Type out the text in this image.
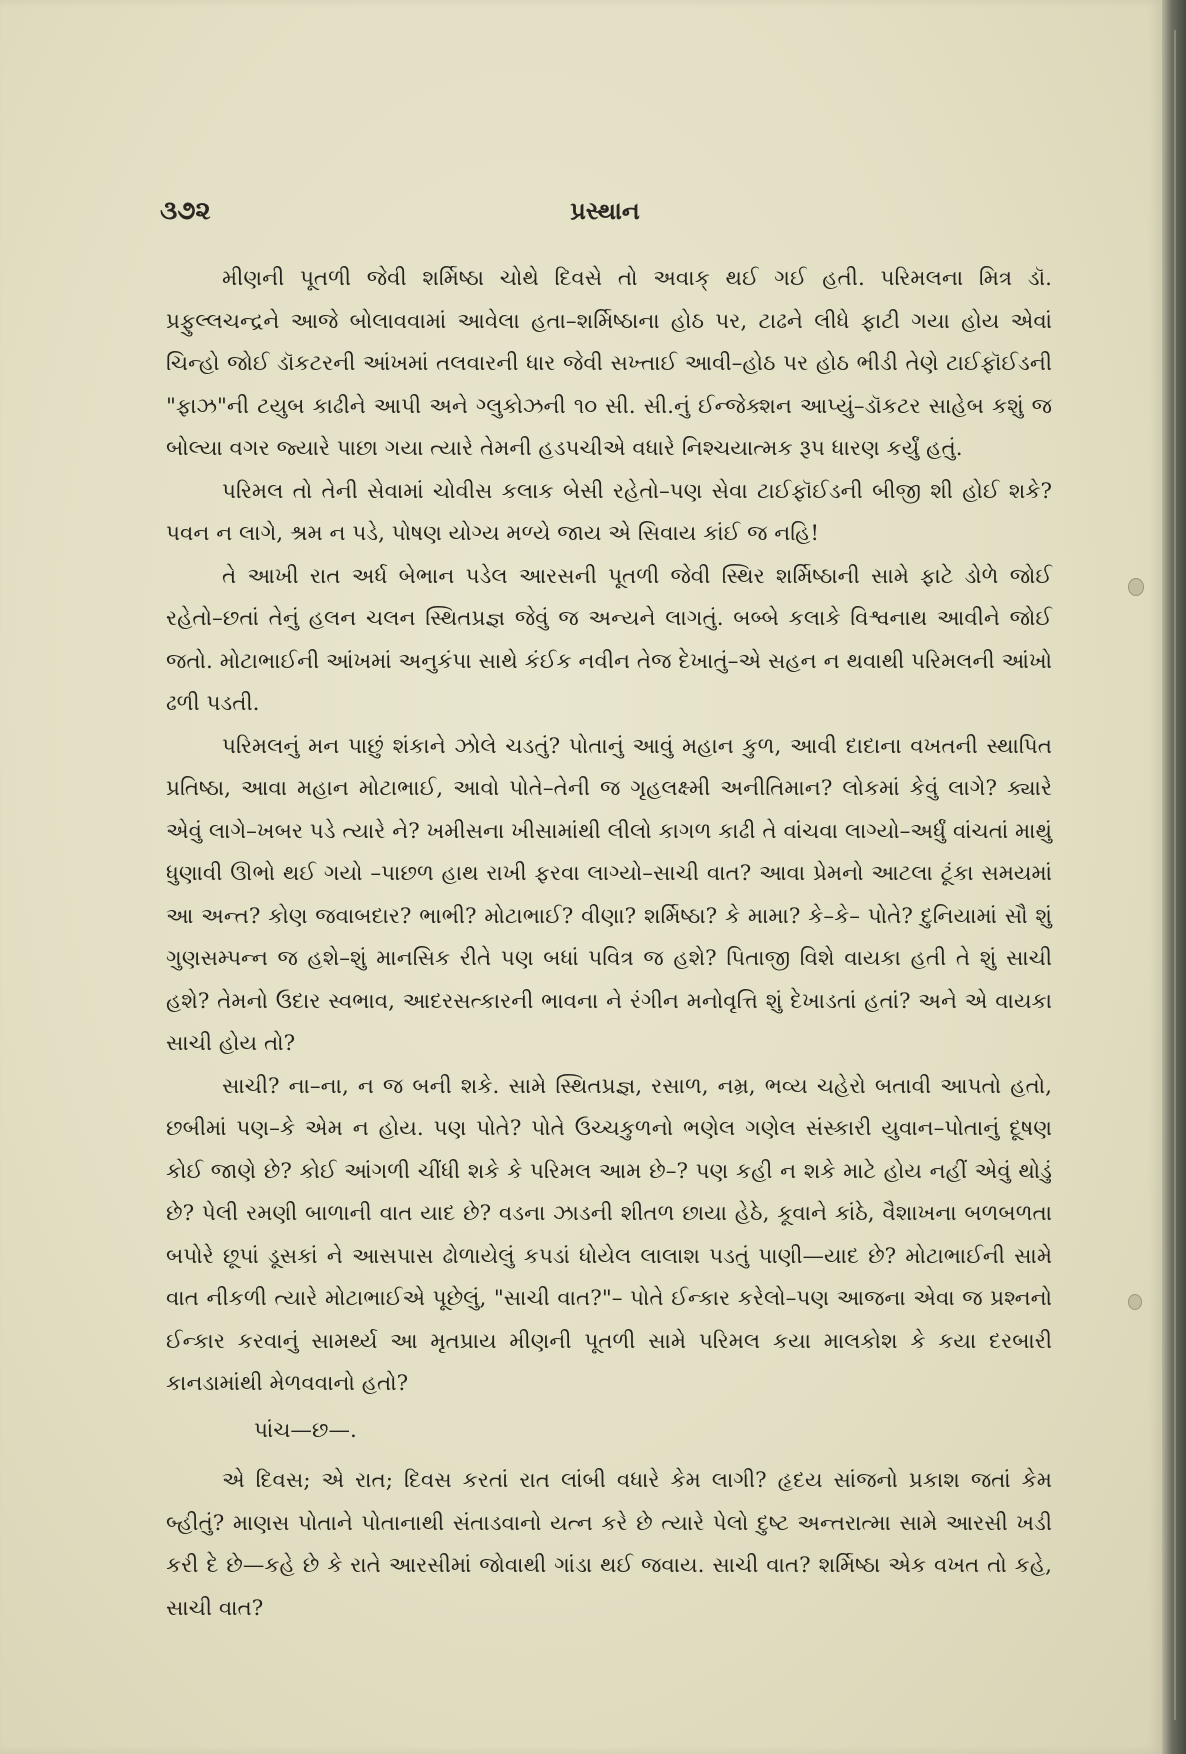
૩૭૨	પ્રસ્થાન

મીણની પૂતળી જેવી શર્મિષ્ઠા ચોથે દિવસે તો અવાક્ થઈ ગઈ હતી. પરિમલના મિત્ર ડૉ. પ્રફુલ્લચન્દ્રને આજે બોલાવવામાં આવેલા હતા–શર્મિષ્ઠાના હોઠ પર, ટાઢને લીધે ફાટી ગયા હોય એવાં ચિન્હો જોઈ ડૉકટરની આંખમાં તલવારની ધાર જેવી સખ્તાઈ આવી–હોઠ પર હોઠ ભીડી તેણે ટાઈફૉઈડની "ફાઝ"ની ટયુબ કાઢીને આપી અને ગ્લુકોઝની ૧૦ સી. સી.નું ઈન્જેક્શન આપ્યું–ડૉકટર સાહેબ કશું જ બોલ્યા વગર જ્યારે પાછા ગયા ત્યારે તેમની હડપચીએ વધારે નિશ્ચયાત્મક રૂપ ધારણ કર્યું હતું.

પરિમલ તો તેની સેવામાં ચોવીસ કલાક બેસી રહેતો–પણ સેવા ટાઈફૉઈડની બીજી શી હોઈ શકે? પવન ન લાગે, શ્રમ ન પડે, પોષણ યોગ્ય મળ્યે જાય એ સિવાય કાંઈ જ નહિ!

તે આખી રાત અર્ધ બેભાન પડેલ આરસની પૂતળી જેવી સ્થિર શર્મિષ્ઠાની સામે ફાટે ડોળે જોઈ રહેતો–છતાં તેનું હલન ચલન સ્થિતપ્રજ્ઞ જેવું જ અન્યને લાગતું. બબ્બે કલાકે વિશ્વનાથ આવીને જોઈ જતો. મોટાભાઈની આંખમાં અનુકંપા સાથે કંઈક નવીન તેજ દેખાતું–એ સહન ન થવાથી પરિમલની આંખો ઢળી પડતી.

પરિમલનું મન પાછું શંકાને ઝોલે ચડતું? પોતાનું આવું મહાન કુળ, આવી દાદાના વખતની સ્થાપિત પ્રતિષ્ઠા, આવા મહાન મોટાભાઈ, આવો પોતે–તેની જ ગૃહલક્ષ્મી અનીતિમાન? લોકમાં કેવું લાગે? ક્યારે એવું લાગે–ખબર પડે ત્યારે ને? ખમીસના ખીસામાંથી લીલો કાગળ કાઢી તે વાંચવા લાગ્યો–અર્ધું વાંચતાં માથું ધુણાવી ઊભો થઈ ગયો –પાછળ હાથ રાખી ફરવા લાગ્યો–સાચી વાત? આવા પ્રેમનો આટલા ટૂંકા સમયમાં આ અન્ત? કોણ જવાબદાર? ભાભી? મોટાભાઈ? વીણા? શર્મિષ્ઠા? કે મામા? કે–કે– પોતે? દુનિયામાં સૌ શું ગુણસમ્પન્ન જ હશે–શું માનસિક રીતે પણ બધાં પવિત્ર જ હશે? પિતાજી વિશે વાયકા હતી તે શું સાચી હશે? તેમનો ઉદાર સ્વભાવ, આદરસત્કારની ભાવના ને રંગીન મનોવૃત્તિ શું દેખાડતાં હતાં? અને એ વાયકા સાચી હોય તો?

સાચી? ના–ના, ન જ બની શકે. સામે સ્થિતપ્રજ્ઞ, રસાળ, નમ્ર, ભવ્ય ચહેરો બતાવી આપતો હતો, છબીમાં પણ–કે એમ ન હોય. પણ પોતે? પોતે ઉચ્ચકુળનો ભણેલ ગણેલ સંસ્કારી યુવાન–પોતાનું દૂષણ કોઈ જાણે છે? કોઈ આંગળી ચીંધી શકે કે પરિમલ આમ છે–? પણ કહી ન શકે માટે હોય નહીં એવું થોડું છે? પેલી રમણી બાળાની વાત યાદ છે? વડના ઝાડની શીતળ છાયા હેઠે, કૂવાને કાંઠે, વૈશાખના બળબળતા બપોરે છૂપાં ડૂસકાં ને આસપાસ ઢોળાયેલું કપડાં ધોયેલ લાલાશ પડતું પાણી—યાદ છે? મોટાભાઈની સામે વાત નીકળી ત્યારે મોટાભાઈએ પૂછેલું, "સાચી વાત?"– પોતે ઈન્કાર કરેલો–પણ આજના એવા જ પ્રશ્નનો ઈન્કાર કરવાનું સામર્થ્ય આ મૃતપ્રાય મીણની પૂતળી સામે પરિમલ કયા માલકોશ કે કયા દરબારી કાનડામાંથી મેળવવાનો હતો?

પાંચ—છ—.

એ દિવસ; એ રાત; દિવસ કરતાં રાત લાંબી વધારે કેમ લાગી? હૃદય સાંજનો પ્રકાશ જતાં કેમ બ્હીતું? માણસ પોતાને પોતાનાથી સંતાડવાનો યત્ન કરે છે ત્યારે પેલો દુષ્ટ અન્તરાત્મા સામે આરસી ખડી કરી દે છે—કહે છે કે રાતે આરસીમાં જોવાથી ગાંડા થઈ જવાય. સાચી વાત? શર્મિષ્ઠા એક વખત તો કહે, સાચી વાત?
